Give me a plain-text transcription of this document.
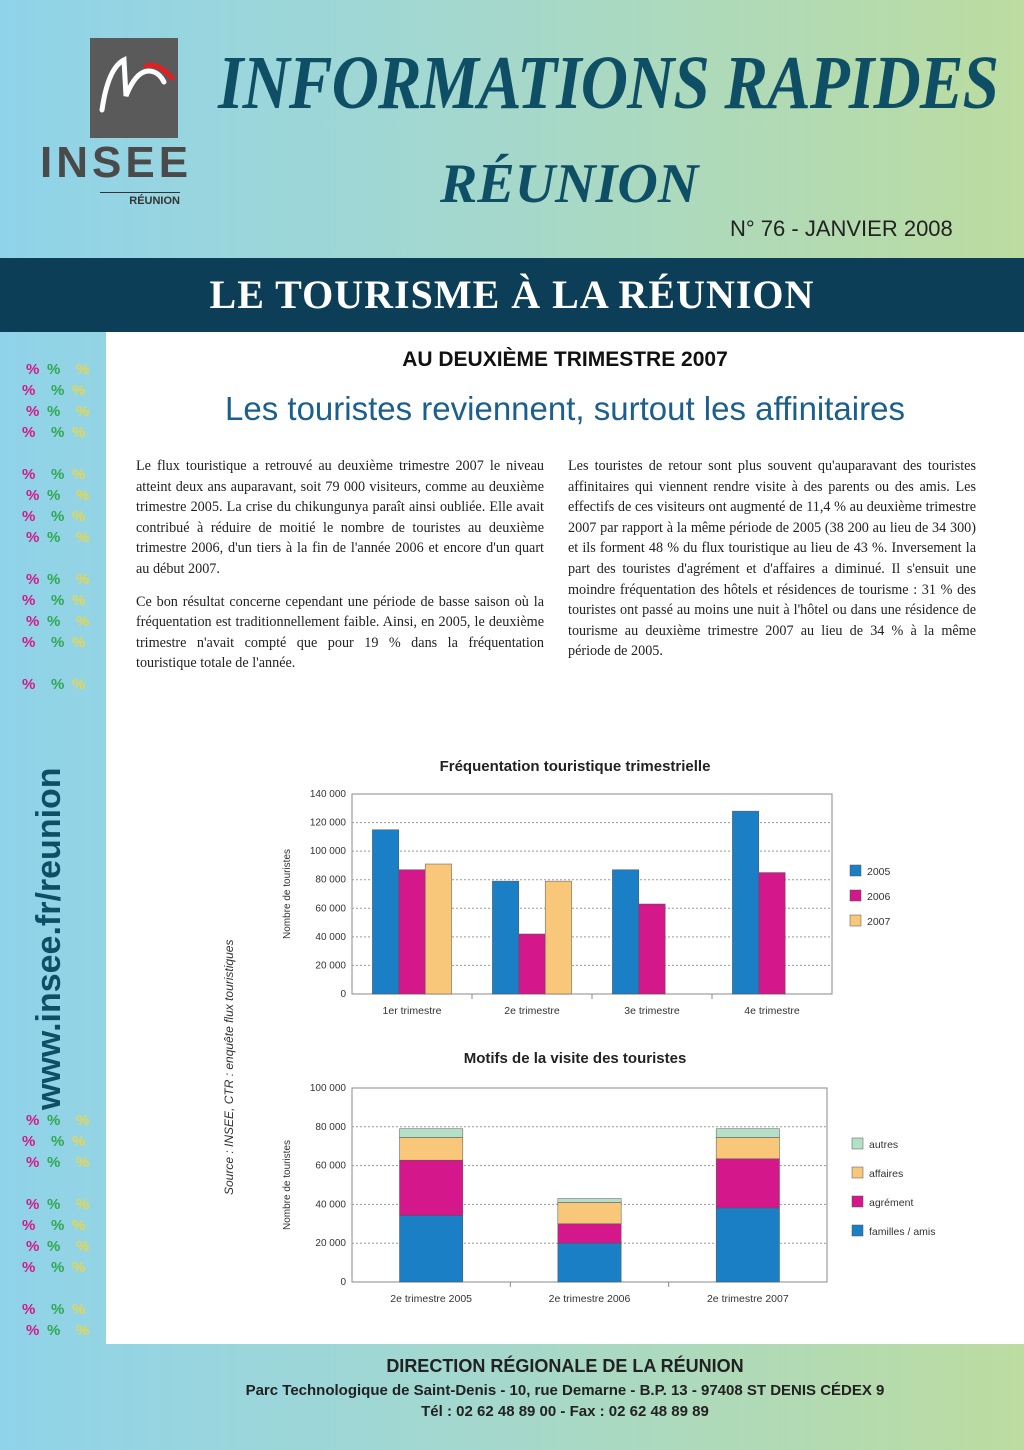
INSEE
RÉUNION
INFORMATIONS RAPIDES
RÉUNION
N° 76 - JANVIER 2008
LE TOURISME À LA RÉUNION
% % %
% % %
% % %
% % %
% % %
% % %
% % %
% % %
% % %
% % %
% % %
% % %
% % %
% % %
% % %
% % %
% % %
% % %
% % %
% % %
% % %
% % %
www.insee.fr/reunion
AU DEUXIÈME TRIMESTRE 2007
Les touristes reviennent, surtout les affinitaires

Le flux touristique a retrouvé au deuxième trimestre 2007 le niveau atteint deux ans auparavant, soit 79 000 visiteurs, comme au deuxième trimestre 2005. La crise du chikungunya paraît ainsi oubliée. Elle avait contribué à réduire de moitié le nombre de touristes au deuxième trimestre 2006, d'un tiers à la fin de l'année 2006 et encore d'un quart au début 2007.

Ce bon résultat concerne cependant une période de basse saison où la fréquentation est traditionnellement faible. Ainsi, en 2005, le deuxième trimestre n'avait compté que pour 19 % dans la fréquentation touristique totale de l'année.

Les touristes de retour sont plus souvent qu'auparavant des touristes affinitaires qui viennent rendre visite à des parents ou des amis. Les effectifs de ces visiteurs ont augmenté de 11,4 % au deuxième trimestre 2007 par rapport à la même période de 2005 (38 200 au lieu de 34 300) et ils forment 48 % du flux touristique au lieu de 43 %. Inversement la part des touristes d'agrément et d'affaires a diminué. Il s'ensuit une moindre fréquentation des hôtels et résidences de tourisme : 31 % des touristes ont passé au moins une nuit à l'hôtel ou dans une résidence de tourisme au deuxième trimestre 2007 au lieu de 34 % à la même période de 2005.

Fréquentation touristique trimestrielle
0
20 000
40 000
60 000
80 000
100 000
120 000
140 000
Nombre de touristes
1er trimestre	2e trimestre	3e trimestre	4e trimestre
2005
2006
2007
Motifs de la visite des touristes
0
20 000
40 000
60 000
80 000
100 000
Nombre de touristes
2e trimestre 2005	2e trimestre 2006	2e trimestre 2007
autres
affaires
agrément
familles / amis
Source : INSEE, CTR : enquête flux touristiques
DIRECTION RÉGIONALE DE LA RÉUNION
Parc Technologique de Saint-Denis - 10, rue Demarne - B.P. 13 - 97408 ST DENIS CÉDEX 9
Tél : 02 62 48 89 00 - Fax : 02 62 48 89 89
